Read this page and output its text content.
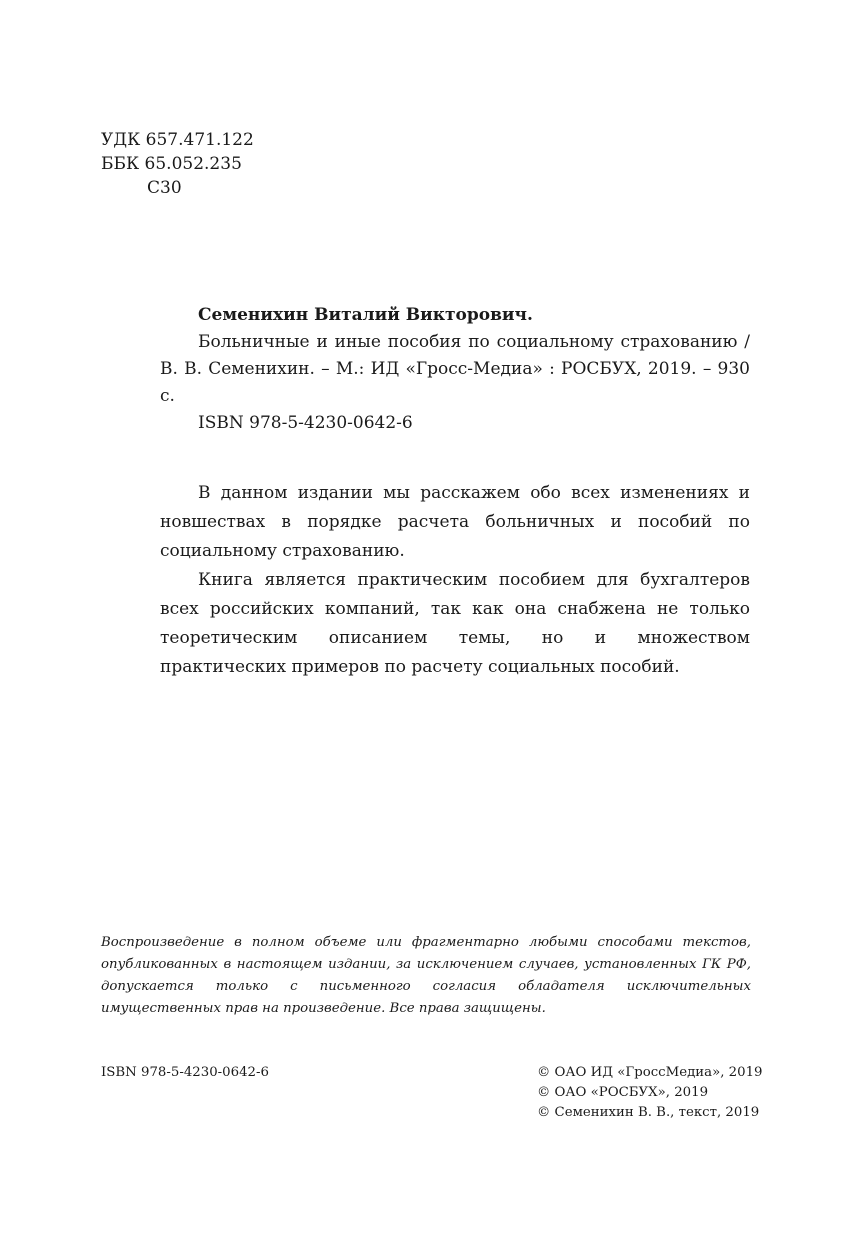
УДК 657.471.122
ББК 65.052.235
С30

Семенихин Виталий Викторович.

Больничные и иные пособия по социальному страхованию / В. В. Семенихин. – М.: ИД «Гросс-Медиа» : РОСБУХ, 2019. – 930 с.

ISBN 978-5-4230-0642-6

В данном издании мы расскажем обо всех изменениях и новшествах в порядке расчета больничных и пособий по социальному страхованию.

Книга является практическим пособием для бухгалтеров всех российских компаний, так как она снабжена не только теоретическим описанием темы, но и множеством практических примеров по расчету социальных пособий.

Воспроизведение в полном объеме или фрагментарно любыми способами текстов, опубликованных в настоящем издании, за исключением случаев, установленных ГК РФ, допускается только с письменного согласия обладателя исключительных имущественных прав на произведение. Все права защищены.
ISBN 978-5-4230-0642-6	© ОАО ИД «ГроссМедиа», 2019
© ОАО «РОСБУХ», 2019
© Семенихин В. В., текст, 2019
